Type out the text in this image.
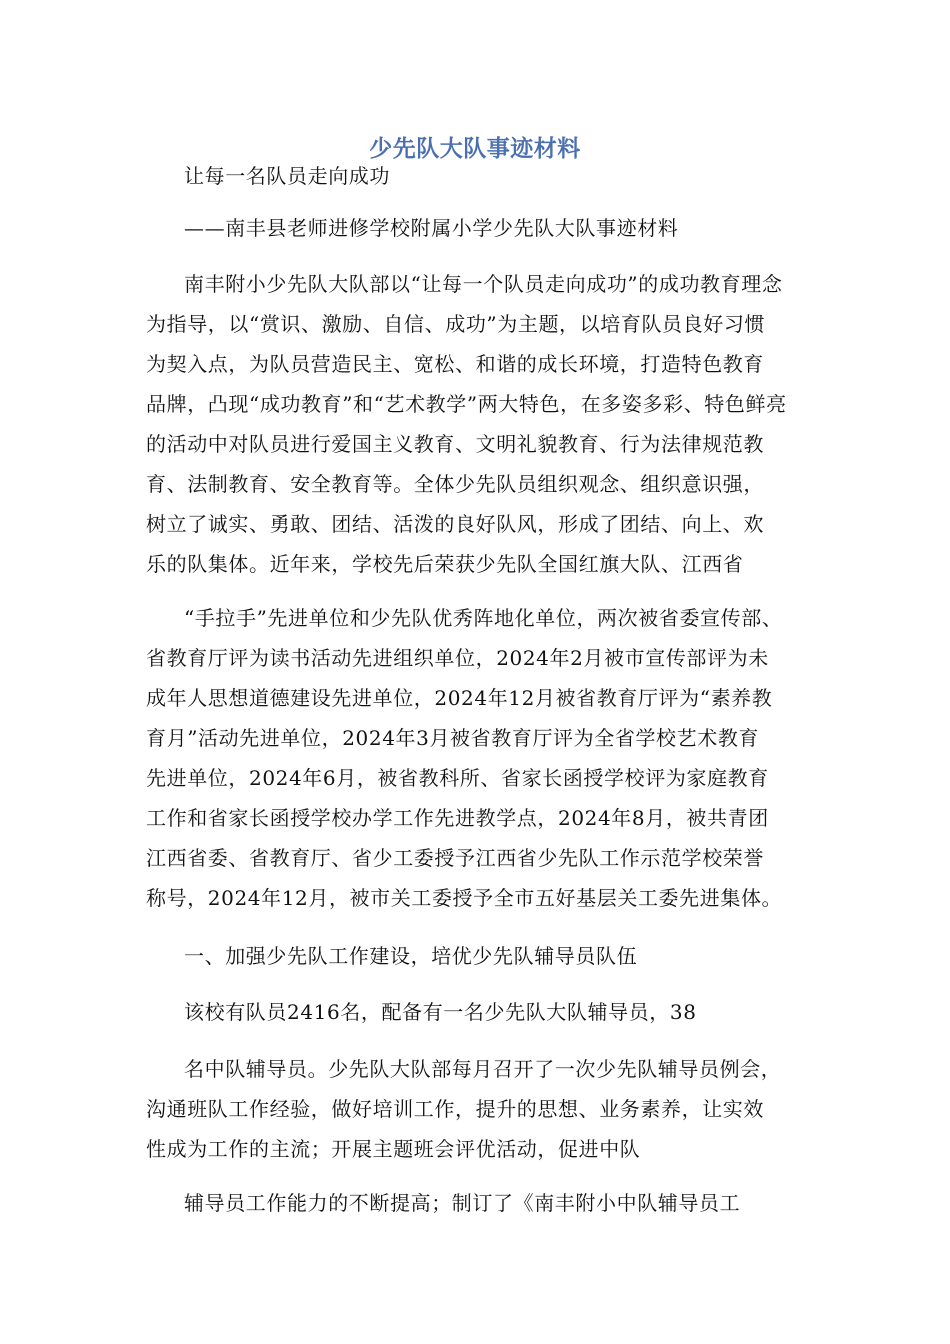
少先队大队事迹材料
让每一名队员走向成功
——南丰县老师进修学校附属小学少先队大队事迹材料
南丰附小少先队大队部以“让每一个队员走向成功”的成功教育理念
为指导，以“赏识、激励、自信、成功”为主题，以培育队员良好习惯
为契入点，为队员营造民主、宽松、和谐的成长环境，打造特色教育
品牌，凸现“成功教育”和“艺术教学”两大特色，在多姿多彩、特色鲜亮
的活动中对队员进行爱国主义教育、文明礼貌教育、行为法律规范教
育、法制教育、安全教育等。全体少先队员组织观念、组织意识强，
树立了诚实、勇敢、团结、活泼的良好队风，形成了团结、向上、欢
乐的队集体。近年来，学校先后荣获少先队全国红旗大队、江西省
“手拉手”先进单位和少先队优秀阵地化单位，两次被省委宣传部、
省教育厅评为读书活动先进组织单位，2024年2月被市宣传部评为未
成年人思想道德建设先进单位，2024年12月被省教育厅评为“素养教
育月”活动先进单位，2024年3月被省教育厅评为全省学校艺术教育
先进单位，2024年6月，被省教科所、省家长函授学校评为家庭教育
工作和省家长函授学校办学工作先进教学点，2024年8月，被共青团
江西省委、省教育厅、省少工委授予江西省少先队工作示范学校荣誉
称号，2024年12月，被市关工委授予全市五好基层关工委先进集体。
一、加强少先队工作建设，培优少先队辅导员队伍
该校有队员2416名，配备有一名少先队大队辅导员，38
名中队辅导员。少先队大队部每月召开了一次少先队辅导员例会，
沟通班队工作经验，做好培训工作，提升的思想、业务素养，让实效
性成为工作的主流；开展主题班会评优活动，促进中队
辅导员工作能力的不断提高；制订了《南丰附小中队辅导员工
